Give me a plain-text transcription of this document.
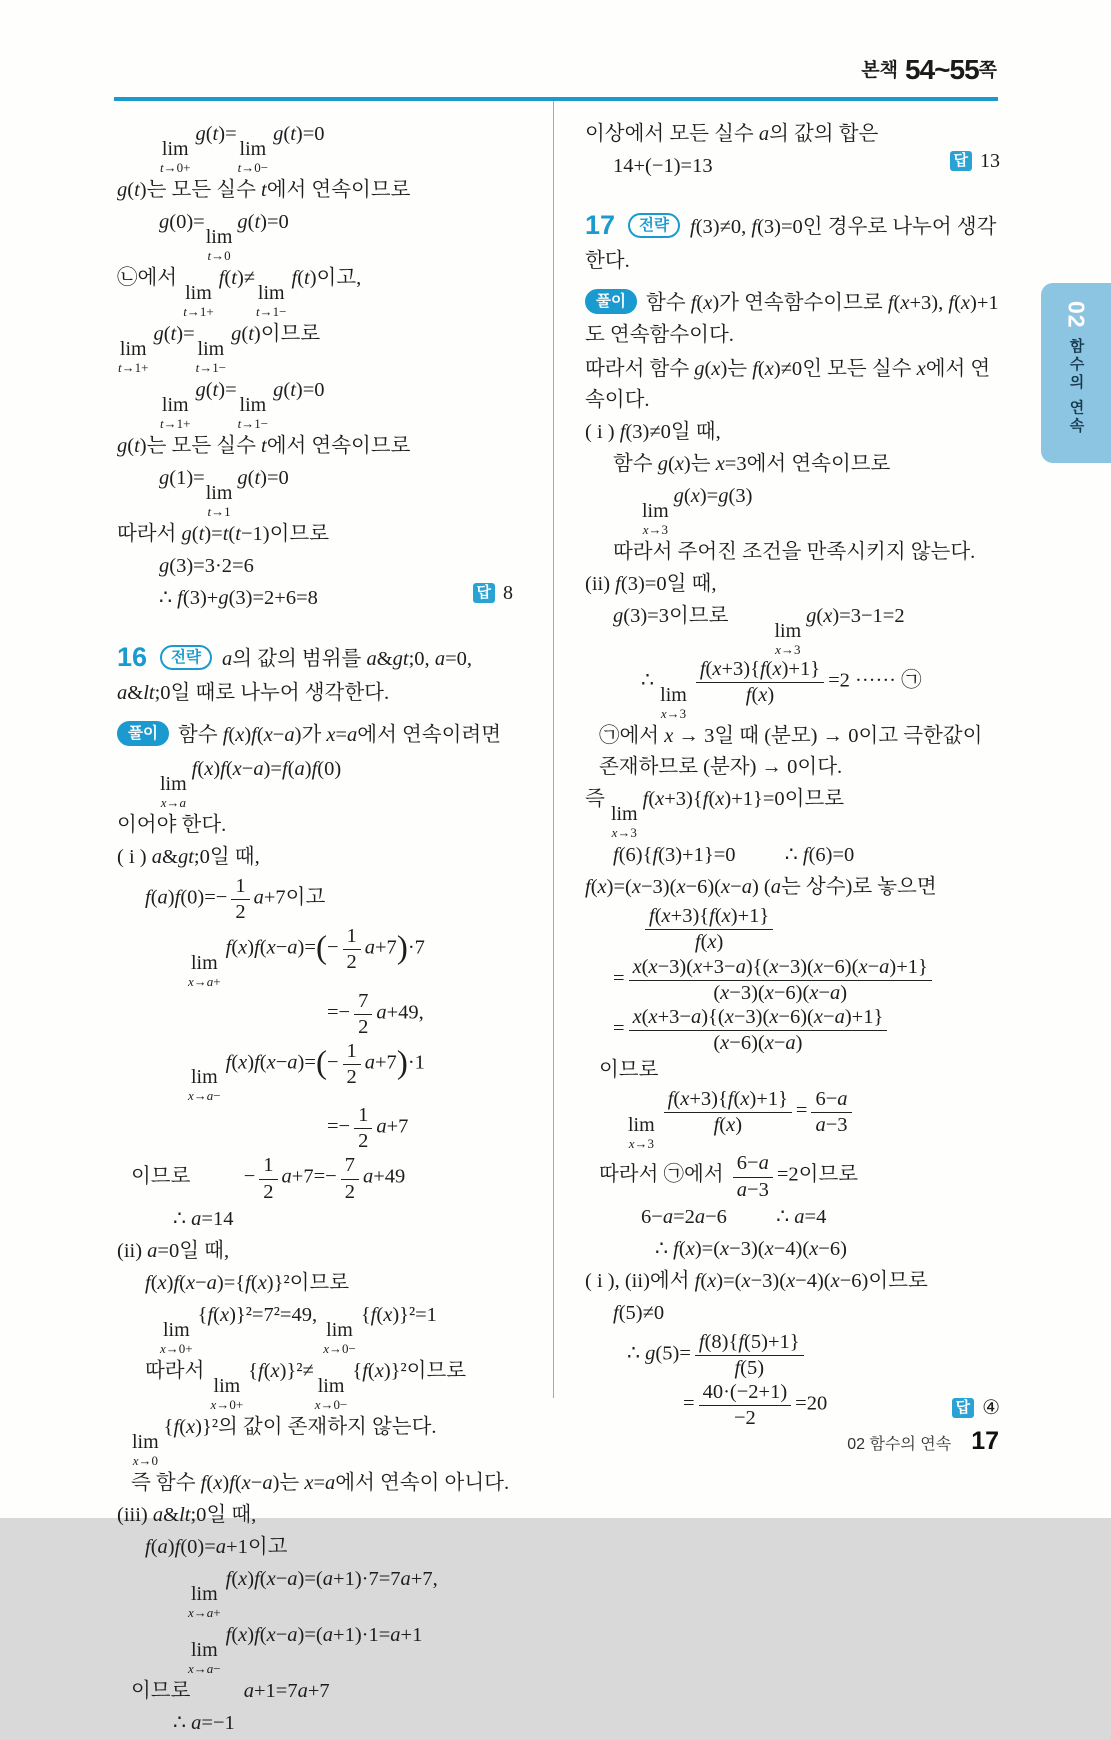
본책 54~55쪽
lim
t→0+
g(t)=
lim
t→0−
g(t)=0
g(t)는 모든 실수 t에서 연속이므로
g(0)=
lim
t→0
g(t)=0
㉡에서
lim
t→1+
f(t)≠
lim
t→1−
f(t)이고,
lim
t→1+
g(t)=
lim
t→1−
g(t)이므로
lim
t→1+
g(t)=
lim
t→1−
g(t)=0
g(t)는 모든 실수 t에서 연속이므로
g(1)=
lim
t→1
g(t)=0
따라서 g(t)=t(t−1)이므로
g(3)=3·2=6
∴ f(3)+g(3)=2+6=8	답 8
16 전략 a의 값의 범위를 a&gt;0, a=0, a&lt;0일 때로 나누어 생각한다.
풀이 함수 f(x)f(x−a)가 x=a에서 연속이려면
lim
x→a
f(x)f(x−a)=f(a)f(0)
이어야 한다.
( i ) a&gt;0일 때,
$f(a)f(0)=- \frac{1}{2} a+7$이고
lim
x→a+
$f(x)f(x-a)=(- \frac{1}{2} a+7)\cdot 7$
=− $\frac{7}{2} a+49$,
lim
x→a−
$f(x)f(x-a)=(- \frac{1}{2} a+7)\cdot 1$
=− $\frac{1}{2} a+7$
이므로	− $\frac{1}{2} a+7=- \frac{7}{2} a+49$
∴ a=14
(ii) a=0일 때,
f(x)f(x−a)={f(x)}²이므로
lim
x→0+
{f(x)}²=7²=49,
lim
x→0−
{f(x)}²=1
따라서
lim
x→0+
{f(x)}²≠
lim
x→0−
{f(x)}²이므로
lim
x→0
{f(x)}²의 값이 존재하지 않는다.
즉 함수 f(x)f(x−a)는 x=a에서 연속이 아니다.
(iii) a&lt;0일 때,
f(a)f(0)=a+1이고
lim
x→a+
f(x)f(x−a)=(a+1)·7=7a+7,
lim
x→a−
f(x)f(x−a)=(a+1)·1=a+1
이므로	a+1=7a+7
∴ a=−1
이상에서 모든 실수 a의 값의 합은
14+(−1)=13	답 13
17 전략 f(3)≠0, f(3)=0인 경우로 나누어 생각한다.
풀이 함수 f(x)가 연속함수이므로 f(x+3), f(x)+1도 연속함수이다.
따라서 함수 g(x)는 f(x)≠0인 모든 실수 x에서 연속이다.
( i ) f(3)≠0일 때,
함수 g(x)는 x=3에서 연속이므로
lim
x→3
g(x)=g(3)
따라서 주어진 조건을 만족시키지 않는다.
(ii) f(3)=0일 때,
g(3)=3이므로
lim
x→3
g(x)=3−1=2
∴
lim
x→3
$\frac{f(x+3)\{f(x)+1\}}{f(x)} =2$ ······ ㉠
㉠에서 x → 3일 때 (분모) → 0이고 극한값이 존재하므로 (분자) → 0이다.
즉
lim
x→3
f(x+3){f(x)+1}=0이므로
f(6){f(3)+1}=0 ∴ f(6)=0
f(x)=(x−3)(x−6)(x−a) (a는 상수)로 놓으면
$\frac{f(x+3)\{f(x)+1\}}{f(x)}$
= $\frac{x(x-3)(x+3-a)\{(x-3)(x-6)(x-a)+1\}}{(x-3)(x-6)(x-a)}$
= $\frac{x(x+3-a)\{(x-3)(x-6)(x-a)+1\}}{(x-6)(x-a)}$
이므로
lim
x→3
$\frac{f(x+3)\{f(x)+1\}}{f(x)} = \frac{6-a}{a-3}$
따라서 ㉠에서 $\frac{6-a}{a-3} =2$이므로
6−a=2a−6 ∴ a=4
∴ f(x)=(x−3)(x−4)(x−6)
( i ), (ii)에서 f(x)=(x−3)(x−4)(x−6)이므로
f(5)≠0
∴ $g(5)= \frac{f(8)\{f(5)+1\}}{f(5)}$
= $\frac{40\cdot(-2+1)}{-2} =20$	답 ④
02
함수의 연속
02 함수의 연속 17
